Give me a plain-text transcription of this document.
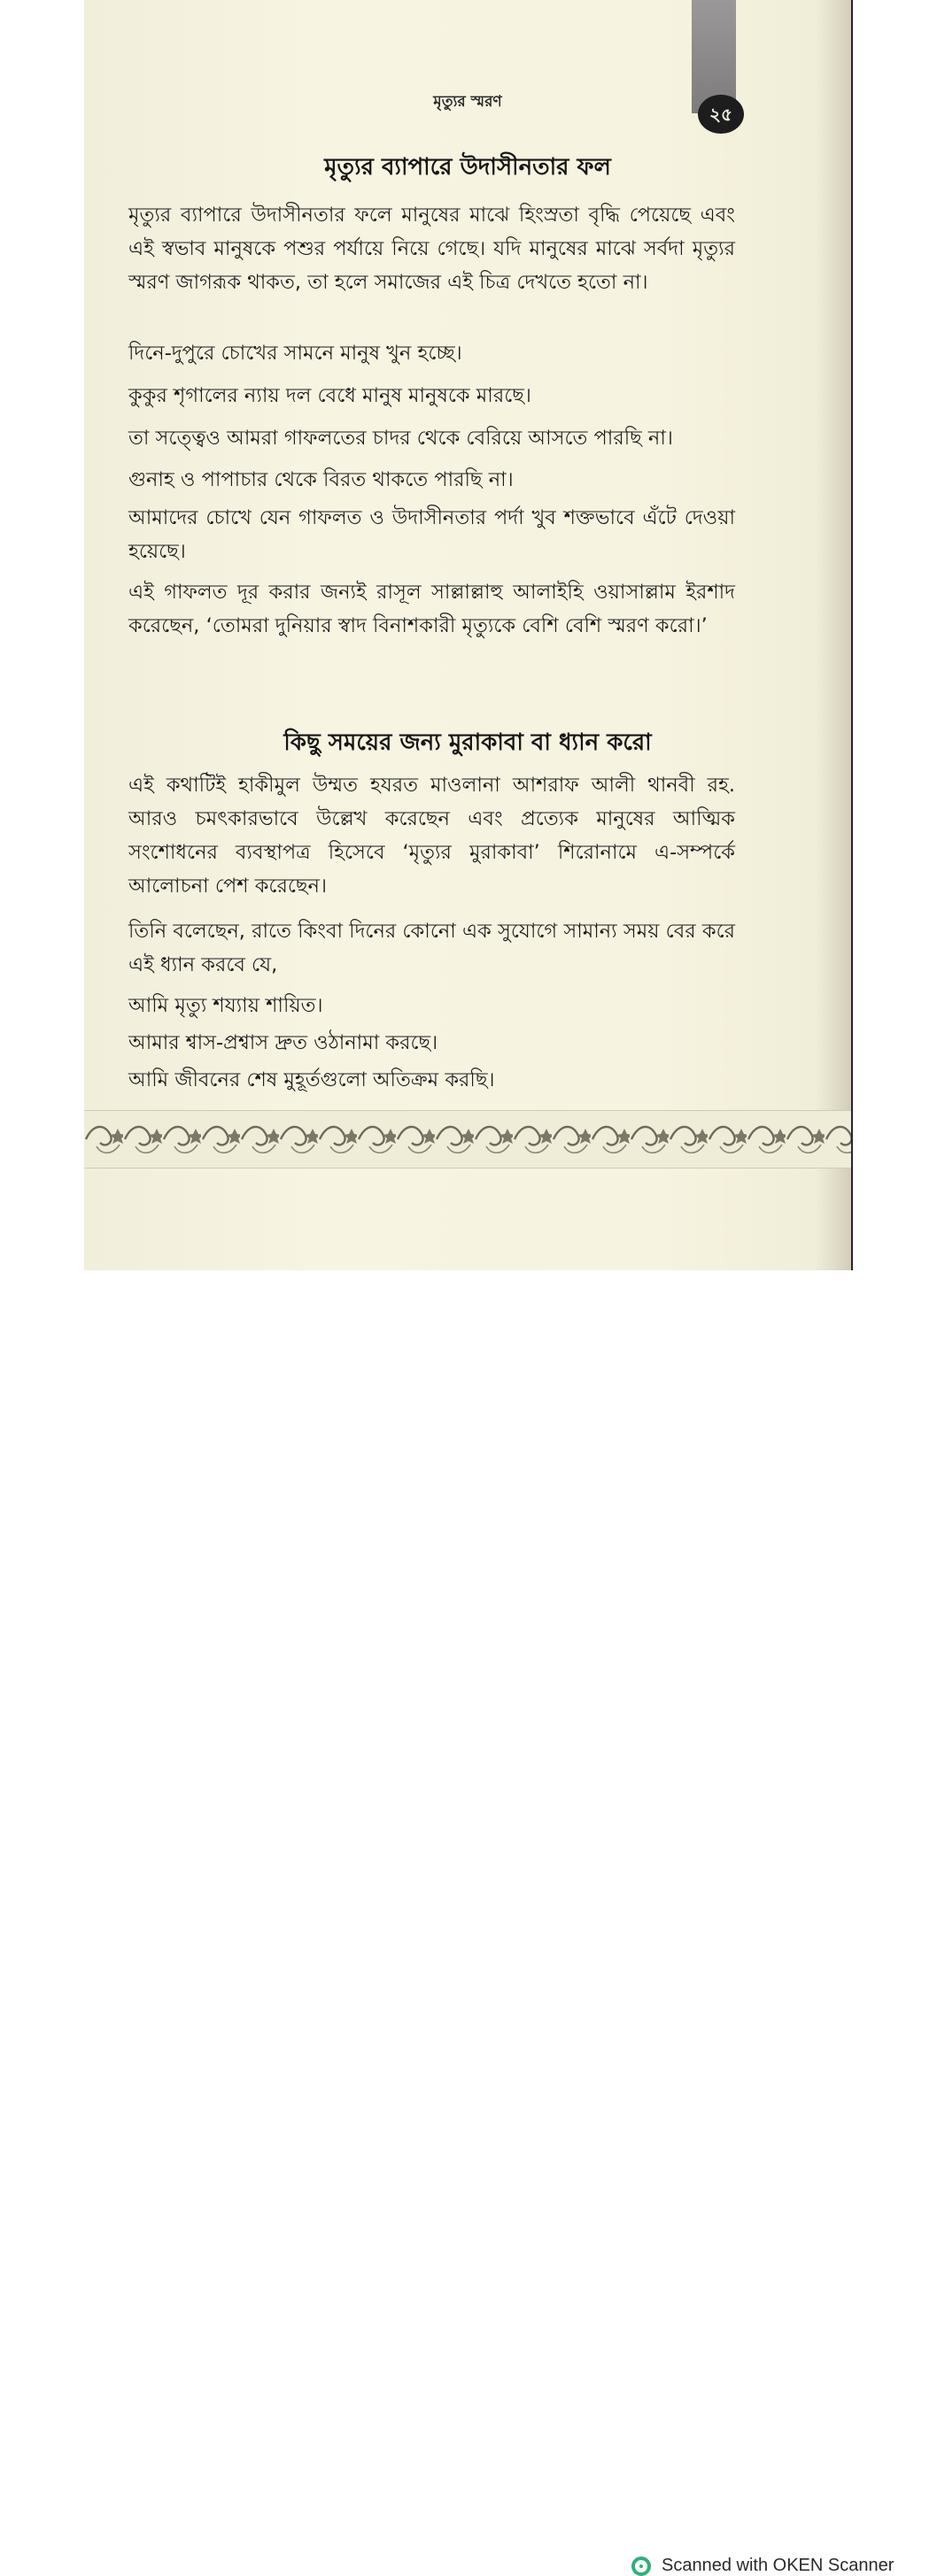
মৃত্যুর স্মরণ
২৫
মৃত্যুর ব্যাপারে উদাসীনতার ফল

মৃত্যুর ব্যাপারে উদাসীনতার ফলে মানুষের মাঝে হিংস্রতা বৃদ্ধি পেয়েছে এবং এই স্বভাব মানুষকে পশুর পর্যায়ে নিয়ে গেছে। যদি মানুষের মাঝে সর্বদা মৃত্যুর স্মরণ জাগরূক থাকত, তা হলে সমাজের এই চিত্র দেখতে হতো না।

দিনে-দুপুরে চোখের সামনে মানুষ খুন হচ্ছে।

কুকুর শৃগালের ন্যায় দল বেধে মানুষ মানুষকে মারছে।

তা সত্ত্বেও আমরা গাফলতের চাদর থেকে বেরিয়ে আসতে পারছি না।

গুনাহ ও পাপাচার থেকে বিরত থাকতে পারছি না।

আমাদের চোখে যেন গাফলত ও উদাসীনতার পর্দা খুব শক্তভাবে এঁটে দেওয়া হয়েছে।

এই গাফলত দূর করার জন্যই রাসূল সাল্লাল্লাহু আলাইহি ওয়াসাল্লাম ইরশাদ করেছেন, ‘তোমরা দুনিয়ার স্বাদ বিনাশকারী মৃত্যুকে বেশি বেশি স্মরণ করো।’

কিছু সময়ের জন্য মুরাকাবা বা ধ্যান করো

এই কথাটিই হাকীমুল উম্মত হযরত মাওলানা আশরাফ আলী থানবী রহ. আরও চমৎকারভাবে উল্লেখ করেছেন এবং প্রত্যেক মানুষের আত্মিক সংশোধনের ব্যবস্থাপত্র হিসেবে ‘মৃত্যুর মুরাকাবা’ শিরোনামে এ-সম্পর্কে আলোচনা পেশ করেছেন।

তিনি বলেছেন, রাতে কিংবা দিনের কোনো এক সুযোগে সামান্য সময় বের করে এই ধ্যান করবে যে,

আমি মৃত্যু শয্যায় শায়িত।

আমার শ্বাস-প্রশ্বাস দ্রুত ওঠানামা করছে।

আমি জীবনের শেষ মুহূর্তগুলো অতিক্রম করছি।

Scanned with OKEN Scanner
